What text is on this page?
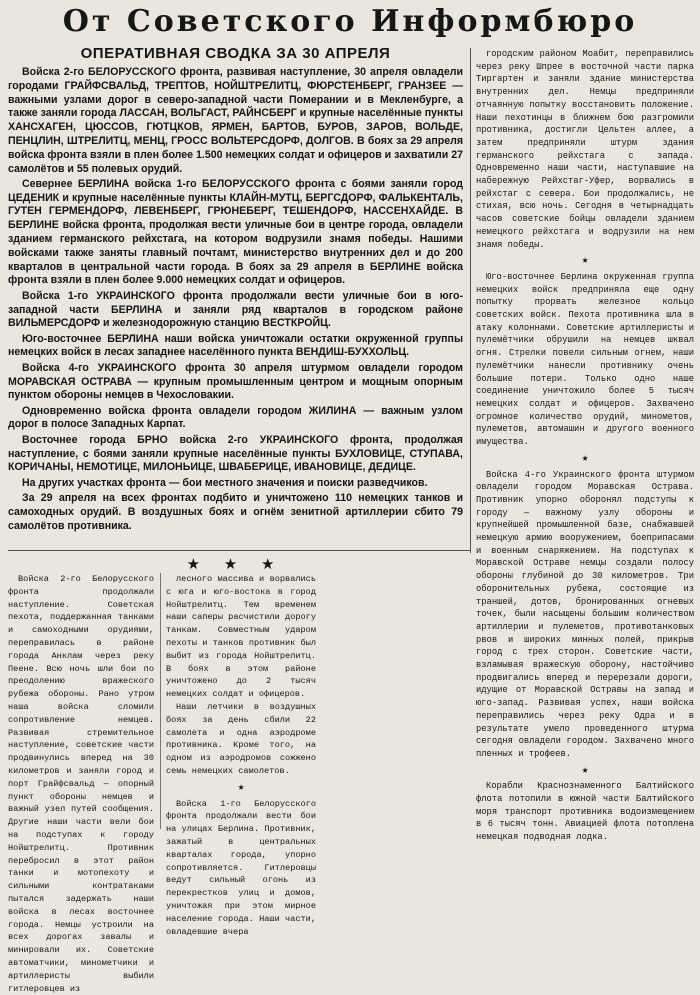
От Советского Информбюро
ОПЕРАТИВНАЯ СВОДКА ЗА 30 АПРЕЛЯ

Войска 2-го БЕЛОРУССКОГО фронта, развивая наступление, 30 апреля овладели городами ГРАЙФСВАЛЬД, ТРЕПТОВ, НОЙШТРЕЛИТЦ, ФЮРСТЕНБЕРГ, ГРАНЗЕЕ — важными узлами дорог в северо-западной части Померании и в Мекленбурге, а также заняли города ЛАССАН, ВОЛЬГАСТ, РАЙНСБЕРГ и крупные населённые пункты ХАНСХАГЕН, ЦЮССОВ, ГЮТЦКОВ, ЯРМЕН, БАРТОВ, БУРОВ, ЗАРОВ, ВОЛЬДЕ, ПЕНЦЛИН, ШТРЕЛИТЦ, МЕНЦ, ГРОСС ВОЛЬТЕРСДОРФ, ДОЛГОВ. В боях за 29 апреля войска фронта взяли в плен более 1.500 немецких солдат и офицеров и захватили 27 самолётов и 55 полевых орудий.

Севернее БЕРЛИНА войска 1-го БЕЛОРУССКОГО фронта с боями заняли город ЦЕДЕНИК и крупные населённые пункты КЛАЙН-МУТЦ, БЕРГСДОРФ, ФАЛЬКЕНТАЛЬ, ГУТЕН ГЕРМЕНДОРФ, ЛЕВЕНБЕРГ, ГРЮНЕБЕРГ, ТЕШЕНДОРФ, НАССЕНХАЙДЕ. В БЕРЛИНЕ войска фронта, продолжая вести уличные бои в центре города, овладели зданием германского рейхстага, на котором водрузили знамя победы. Нашими войсками также заняты главный почтамт, министерство внутренних дел и до 200 кварталов в центральной части города. В боях за 29 апреля в БЕРЛИНЕ войска фронта взяли в плен более 9.000 немецких солдат и офицеров.

Войска 1-го УКРАИНСКОГО фронта продолжали вести уличные бои в юго-западной части БЕРЛИНА и заняли ряд кварталов в городском районе ВИЛЬМЕРСДОРФ и железнодорожную станцию ВЕСТКРОЙЦ.

Юго-восточнее БЕРЛИНА наши войска уничтожали остатки окруженной группы немецких войск в лесах западнее населённого пункта ВЕНДИШ-БУХХОЛЬЦ.

Войска 4-го УКРАИНСКОГО фронта 30 апреля штурмом овладели городом МОРАВСКАЯ ОСТРАВА — крупным промышленным центром и мощным опорным пунктом обороны немцев в Чехословакии.

Одновременно войска фронта овладели городом ЖИЛИНА — важным узлом дорог в полосе Западных Карпат.

Восточнее города БРНО войска 2-го УКРАИНСКОГО фронта, продолжая наступление, с боями заняли крупные населённые пункты БУХЛОВИЦЕ, СТУПАВА, КОРИЧАНЫ, НЕМОТИЦЕ, МИЛОНЬИЦЕ, ШВАБЕРИЦЕ, ИВАНОВИЦЕ, ДЕДИЦЕ.

На других участках фронта — бои местного значения и поиски разведчиков.

За 29 апреля на всех фронтах подбито и уничтожено 110 немецких танков и самоходных орудий. В воздушных боях и огнём зенитной артиллерии сбито 79 самолётов противника.

городским районом Моабит, переправились через реку Шпрее в восточной части парка Тиргартен и заняли здание министерства внутренних дел. Немцы предприняли отчаянную попытку восстановить положение. Наши пехотинцы в ближнем бою разгромили противника, достигли Цельтен аллее, а затем предприняли штурм здания германского рейхстага с запада. Одновременно наши части, наступавшие на набережную Рейхстаг-Уфер, ворвались в рейхстаг с севера. Бои продолжались, не стихая, всю ночь. Сегодня в четырнадцать часов советские бойцы овладели зданием немецкого рейхстага и водрузили на нем знамя победы.

★

Юго-восточнее Берлина окруженная группа немецких войск предприняла еще одну попытку прорвать железное кольцо советских войск. Пехота противника шла в атаку колоннами. Советские артиллеристы и пулемётчики обрушили на немцев шквал огня. Стрелки повели сильным огнем, наши пулемётчики нанесли противнику очень большие потери. Только одно наше соединение уничтожило более 5 тысяч немецких солдат и офицеров. Захвачено огромное количество орудий, минометов, пулеметов, автомашин и другого военного имущества.

★

Войска 4-го Украинского фронта штурмом овладели городом Моравская Острава. Противник упорно оборонял подступы к городу — важному узлу обороны и крупнейшей промышленной базе, снабжавшей немецкую армию вооружением, боеприпасами и военным снаряжением. На подступах к Моравской Остраве немцы создали полосу обороны глубиной до 30 километров. Три оборонительных рубежа, состоящие из траншей, дотов, бронированных огневых точек, были насыщены большим количеством артиллерии и пулеметов, противотанковых рвов и широких минных полей, прикрыв город с трех сторон. Советские части, взламывая вражескую оборону, настойчиво продвигались вперед и перерезали дороги, идущие от Моравской Остравы на запад и юго-запад. Развивая успех, наши войска переправились через реку Одра и в результате умело проведенного штурма сегодня овладели городом. Захвачено много пленных и трофеев.

★

Корабли Краснознаменного Балтийского флота потопили в южной части Балтийского моря транспорт противника водоизмещением в 6 тысяч тонн. Авиацией флота потоплена немецкая подводная лодка.

★ ★ ★

Войска 2-го Белорусского фронта продолжали наступление. Советская пехота, поддержанная танками и самоходными орудиями, переправилась в районе города Анклам через реку Пеене. Всю ночь шли бои по преодолению вражеского рубежа обороны. Рано утром наша войска сломили сопротивление немцев. Развивая стремительное наступление, советские части продвинулись вперед на 30 километров и заняли город и порт Грайфсвальд — опорный пункт обороны немцев и важный узел путей сообщения. Другие наши части вели бои на подступах к городу Нойштрелитц. Противник перебросил в этот район танки и мотопехоту и сильными контратаками пытался задержать наши войска в лесах восточнее города. Немцы устроили на всех дорогах завалы и минировали их. Советские автоматчики, минометчики и артиллеристы выбили гитлеровцев из

лесного массива и ворвались с юга и юго-востока в город Нойштрелитц. Тем временем наши саперы расчистили дорогу танкам. Совместным ударом пехоты и танков противник был выбит из города Нойштрелитц. В боях в этом районе уничтожено до 2 тысяч немецких солдат и офицеров.

Наши летчики в воздушных боях за день сбили 22 самолета и одна аэродроме противника. Кроме того, на одном из аэродромов сожжено семь немецких самолетов.

★

Войска 1-го Белорусского фронта продолжали вести бои на улицах Берлина. Противник, зажатый в центральных кварталах города, упорно сопротивляется. Гитлеровцы ведут сильный огонь из перекрестков улиц и домов, уничтожая при этом мирное население города. Наши части, овладевшие вчера
